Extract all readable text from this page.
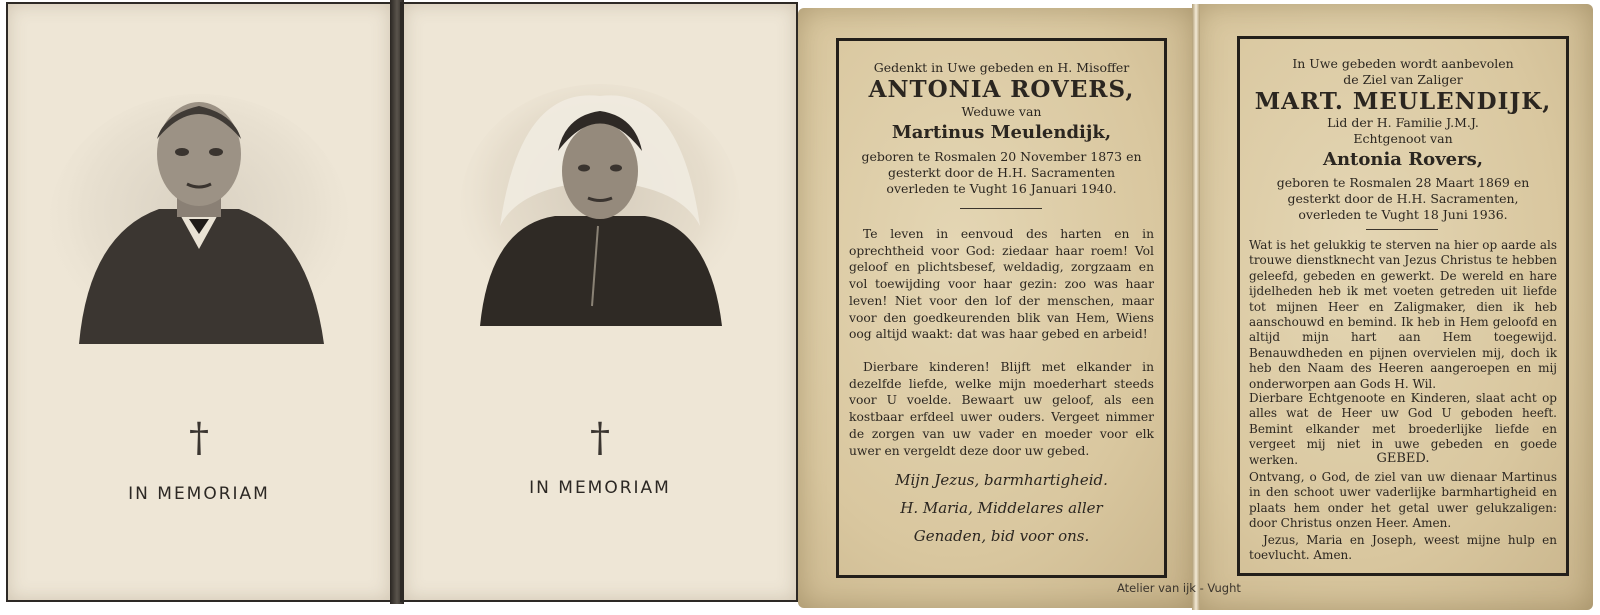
†
IN MEMORIAM
†
IN MEMORIAM
Gedenkt in Uwe gebeden en H. Misoffer
ANTONIA ROVERS,
Weduwe van
Martinus Meulendijk,
geboren te Rosmalen 20 November 1873 en
gesterkt door de H.H. Sacramenten
overleden te Vught 16 Januari 1940.
Te leven in eenvoud des harten en in oprechtheid voor God: ziedaar haar roem! Vol geloof en plichtsbesef, weldadig, zorgzaam en vol toewijding voor haar gezin: zoo was haar leven! Niet voor den lof der menschen, maar voor den goedkeurenden blik van Hem, Wiens oog altijd waakt: dat was haar gebed en arbeid!
Dierbare kinderen! Blijft met elkander in dezelfde liefde, welke mijn moederhart steeds voor U voelde. Bewaart uw geloof, als een kostbaar erfdeel uwer ouders. Vergeet nimmer de zorgen van uw vader en moeder voor elk uwer en vergeldt deze door uw gebed.
Mijn Jezus, barmhartigheid.
H. Maria, Middelares aller
Genaden, bid voor ons.
Atelier van ijk - Vught
In Uwe gebeden wordt aanbevolen
de Ziel van Zaliger
MART. MEULENDIJK,
Lid der H. Familie J.M.J.
Echtgenoot van
Antonia Rovers,
geboren te Rosmalen 28 Maart 1869 en
gesterkt door de H.H. Sacramenten,
overleden te Vught 18 Juni 1936.
Wat is het gelukkig te sterven na hier op aarde als trouwe dienstknecht van Jezus Christus te hebben geleefd, gebeden en gewerkt. De wereld en hare ijdelheden heb ik met voeten getreden uit liefde tot mijnen Heer en Zaligmaker, dien ik heb aanschouwd en bemind. Ik heb in Hem geloofd en altijd mijn hart aan Hem toegewijd. Benauwdheden en pijnen overvielen mij, doch ik heb den Naam des Heeren aangeroepen en mij onderworpen aan Gods H. Wil.
Dierbare Echtgenoote en Kinderen, slaat acht op alles wat de Heer uw God U geboden heeft. Bemint elkander met broederlijke liefde en vergeet mij niet in uwe gebeden en goede werken.	GEBED.
Ontvang, o God, de ziel van uw dienaar Martinus in den schoot uwer vaderlijke barmhartigheid en plaats hem onder het getal uwer gelukzaligen: door Christus onzen Heer. Amen.
Jezus, Maria en Joseph, weest mijne hulp en toevlucht. Amen.
